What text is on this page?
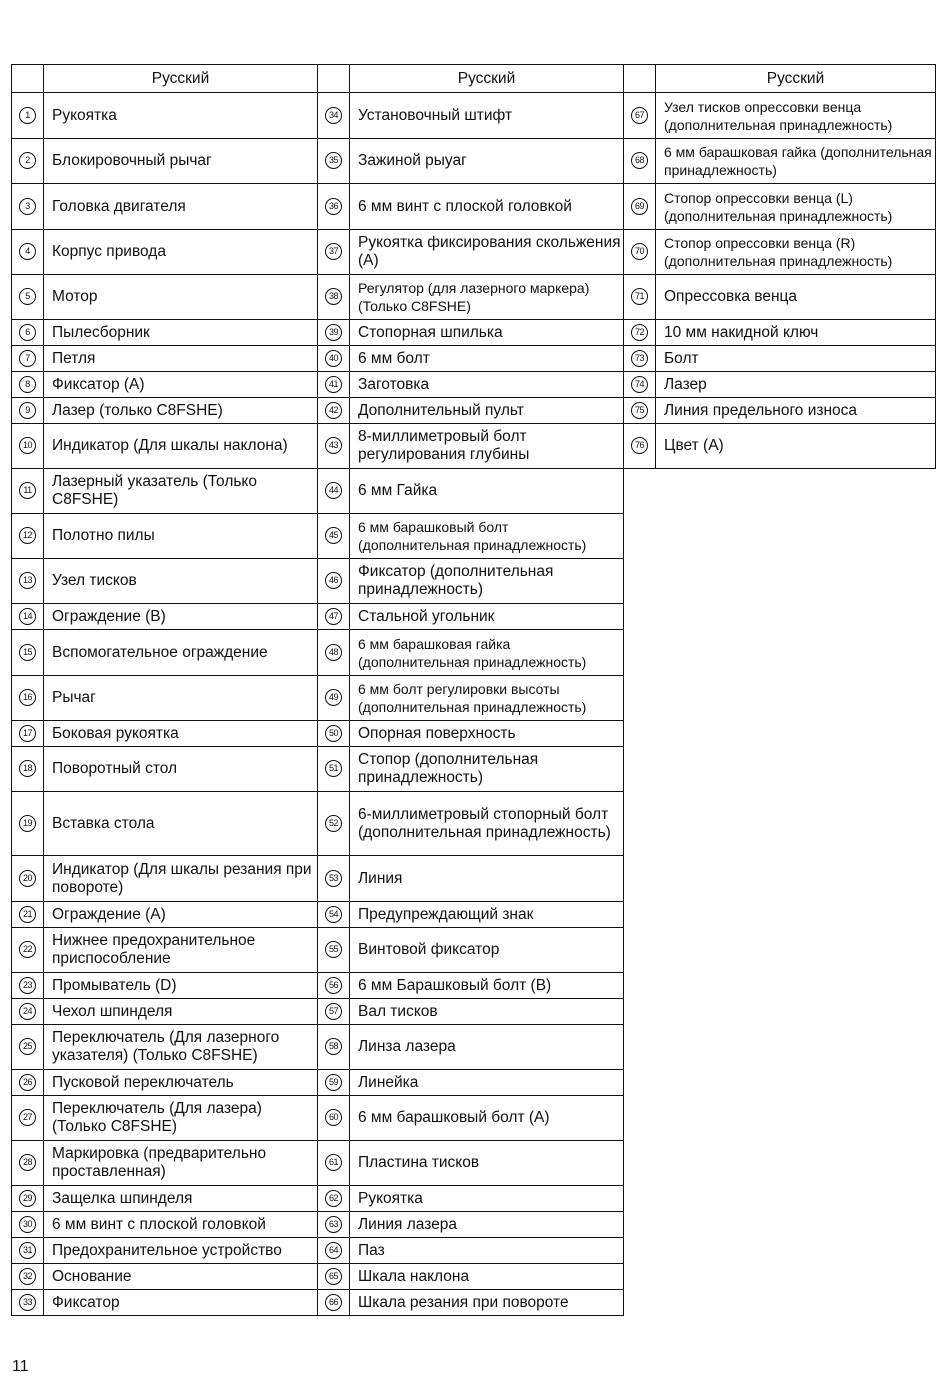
	Русский		Русский		Русский
1	Рукоятка	34	Установочный штифт	67	Узел тисков опрессовки венца (дополнительная принадлежность)
2	Блокировочный рычаг	35	Зажиной рыуаг	68	6 мм барашковая гайка (дополнительная принадлежность)
3	Головка двигателя	36	6 мм винт с плоской головкой	69	Стопор опрессовки венца (L) (дополнительная принадлежность)
4	Корпус привода	37	Рукоятка фиксирования скольжения (A)	70	Стопор опрессовки венца (R) (дополнительная принадлежность)
5	Мотор	38	Регулятор (для лазерного маркера) (Только C8FSHE)	71	Опрессовка венца
6	Пылесборник	39	Стопорная шпилька	72	10 мм накидной ключ
7	Петля	40	6 мм болт	73	Болт
8	Фиксатор (A)	41	Заготовка	74	Лазер
9	Лазер (только C8FSHE)	42	Дополнительный пульт	75	Линия предельного износа
10	Индикатор (Для шкалы наклона)	43	8-миллиметровый болт регулирования глубины	76	Цвет (A)
11	Лазерный указатель (Только C8FSHE)	44	6 мм Гайка		
12	Полотно пилы	45	6 мм барашковый болт (дополнительная принадлежность)		
13	Узел тисков	46	Фиксатор (дополнительная принадлежность)		
14	Ограждение (B)	47	Стальной угольник		
15	Вспомогательное ограждение	48	6 мм барашковая гайка (дополнительная принадлежность)		
16	Рычаг	49	6 мм болт регулировки высоты (дополнительная принадлежность)		
17	Боковая рукоятка	50	Опорная поверхность		
18	Поворотный стол	51	Стопор (дополнительная принадлежность)		
19	Вставка стола	52	6-миллиметровый стопорный болт (дополнительная принадлежность)		
20	Индикатор (Для шкалы резания при повороте)	53	Линия		
21	Ограждение (A)	54	Предупреждающий знак		
22	Нижнее предохранительное приспособление	55	Винтовой фиксатор		
23	Промыватель (D)	56	6 мм Барашковый болт (B)		
24	Чехол шпинделя	57	Вал тисков		
25	Переключатель (Для лазерного указателя) (Только C8FSHE)	58	Линза лазера		
26	Пусковой переключатель	59	Линейка		
27	Переключатель (Для лазера) (Только C8FSHE)	60	6 мм барашковый болт (A)		
28	Маркировка (предварительно проставленная)	61	Пластина тисков		
29	Защелка шпинделя	62	Рукоятка		
30	6 мм винт с плоской головкой	63	Линия лазера		
31	Предохранительное устройство	64	Паз		
32	Основание	65	Шкала наклона		
33	Фиксатор	66	Шкала резания при повороте		
11
